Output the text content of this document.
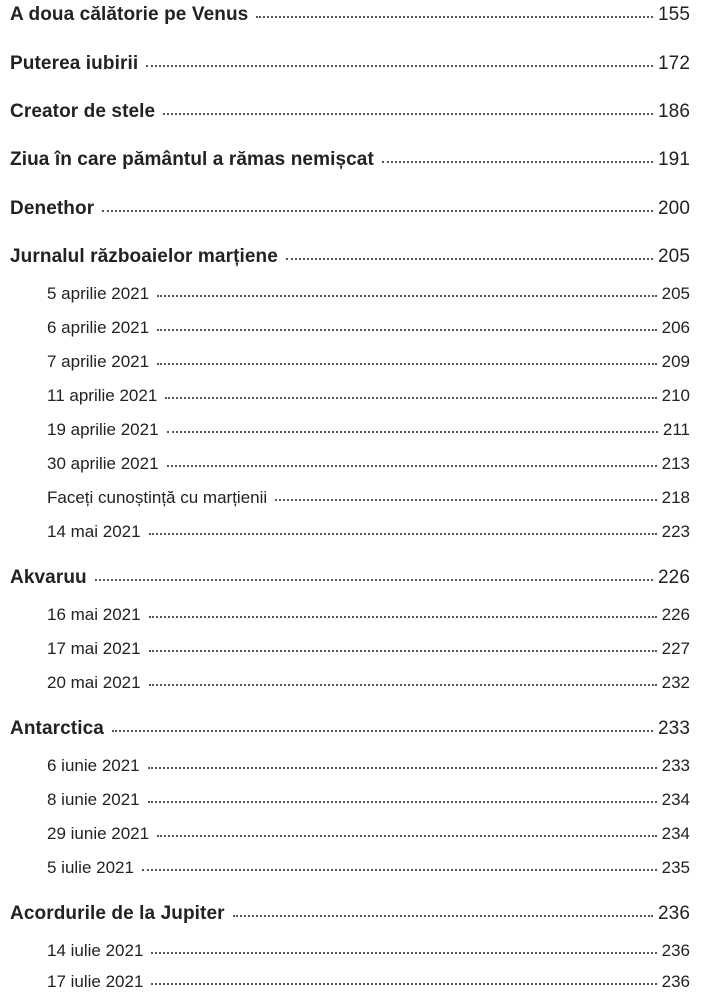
A doua călătorie pe Venus	155
Puterea iubirii	172
Creator de stele	186
Ziua în care pământul a rămas nemișcat	191
Denethor	200
Jurnalul războaielor marțiene	205
5 aprilie 2021	205
6 aprilie 2021	206
7 aprilie 2021	209
11 aprilie 2021	210
19 aprilie 2021	211
30 aprilie 2021	213
Faceți cunoștință cu marțienii	218
14 mai 2021	223
Akvaruu	226
16 mai 2021	226
17 mai 2021	227
20 mai 2021	232
Antarctica	233
6 iunie 2021	233
8 iunie 2021	234
29 iunie 2021	234
5 iulie 2021	235
Acordurile de la Jupiter	236
14 iulie 2021	236
17 iulie 2021	236
